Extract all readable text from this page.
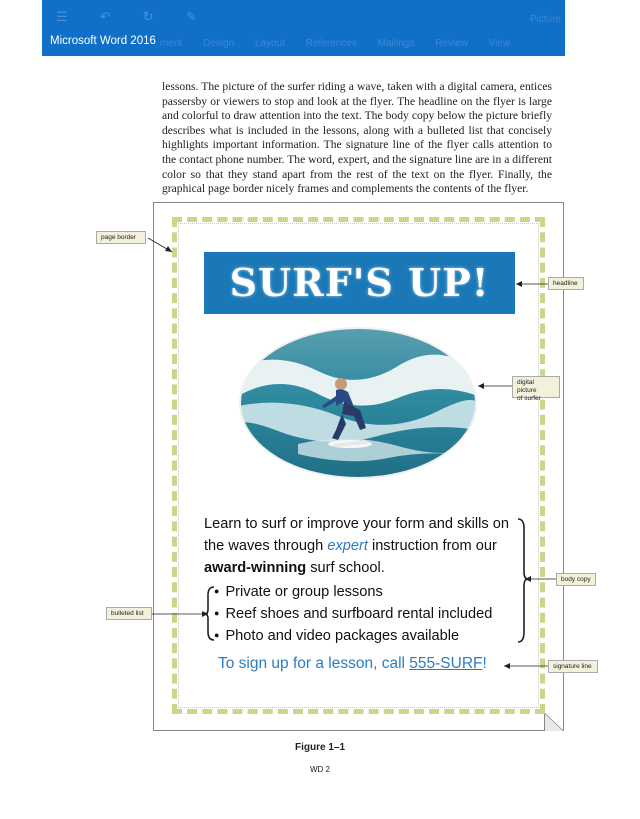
☰ ↶ ↻ ✎
ment Design Layout References Mailings Review View
Picture
Microsoft Word 2016
lessons. The picture of the surfer riding a wave, taken with a digital camera, entices passersby or viewers to stop and look at the flyer. The headline on the flyer is large and colorful to draw attention into the text. The body copy below the picture briefly describes what is included in the lessons, along with a bulleted list that concisely highlights important information. The signature line of the flyer calls attention to the contact phone number. The word, expert, and the signature line are in a different color so that they stand apart from the rest of the text on the flyer. Finally, the graphical page border nicely frames and complements the contents of the flyer.
SURF'S UP!
Learn to surf or improve your form and skills on the waves through expert instruction from our award-winning surf school.
● Private or group lessons
● Reef shoes and surfboard rental included
● Photo and video packages available
To sign up for a lesson, call 555-SURF!
page border
headline
digital picture
of surfer
body copy
bulleted list
signature line
Figure 1–1
WD 2
